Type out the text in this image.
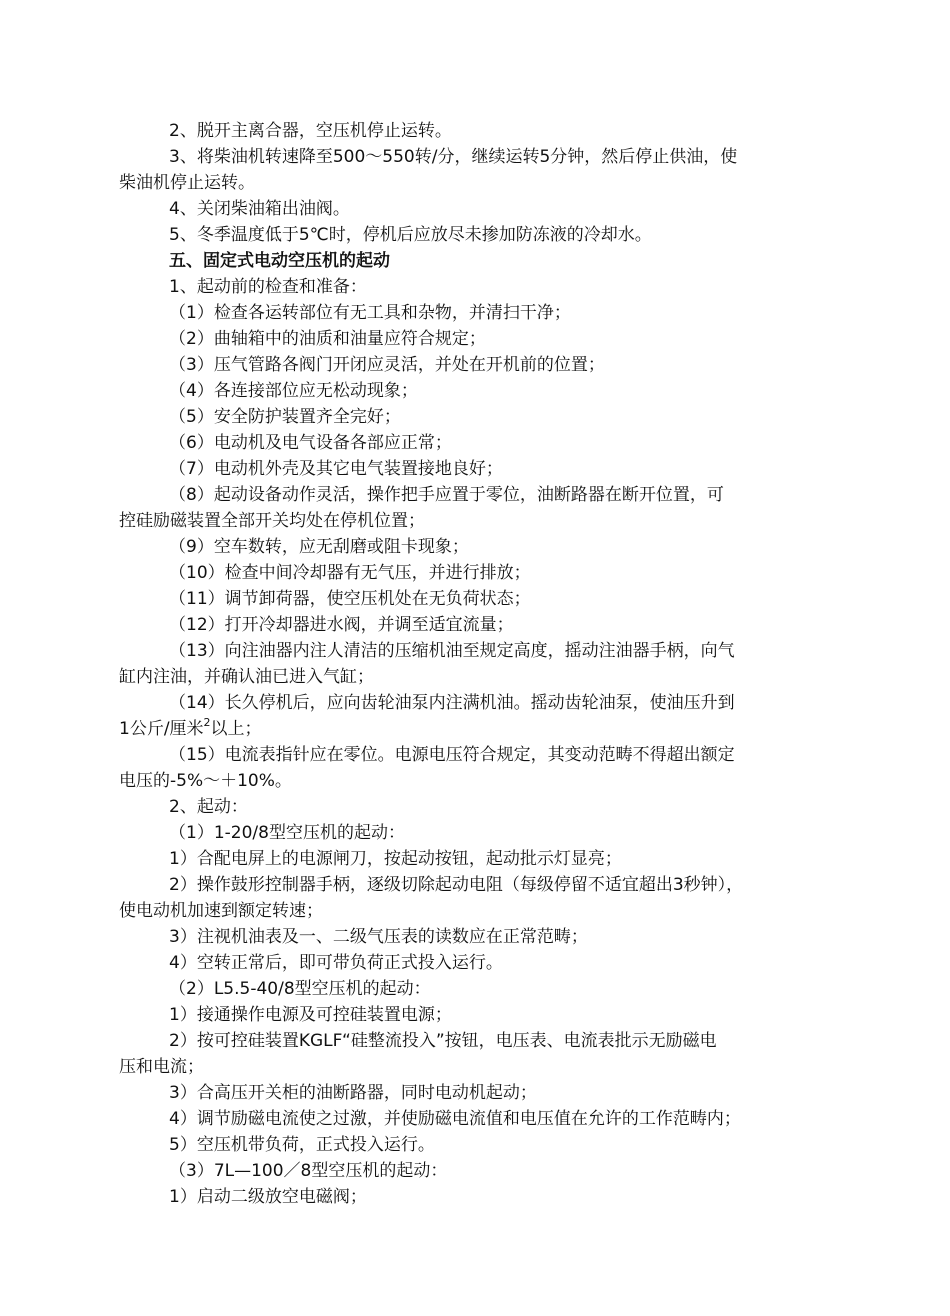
2、脱开主离合器，空压机停止运转。
3、将柴油机转速降至500～550转/分，继续运转5分钟，然后停止供油，使
柴油机停止运转。
4、关闭柴油箱出油阀。
5、冬季温度低于5℃时，停机后应放尽未掺加防冻液的冷却水。
五、固定式电动空压机的起动
1、起动前的检查和准备：
（1）检查各运转部位有无工具和杂物，并清扫干净；
（2）曲轴箱中的油质和油量应符合规定；
（3）压气管路各阀门开闭应灵活，并处在开机前的位置；
（4）各连接部位应无松动现象；
（5）安全防护装置齐全完好；
（6）电动机及电气设备各部应正常；
（7）电动机外壳及其它电气装置接地良好；
（8）起动设备动作灵活，操作把手应置于零位，油断路器在断开位置，可
控硅励磁装置全部开关均处在停机位置；
（9）空车数转，应无刮磨或阻卡现象；
（10）检查中间冷却器有无气压，并进行排放；
（11）调节卸荷器，使空压机处在无负荷状态；
（12）打开冷却器进水阀，并调至适宜流量；
（13）向注油器内注人清洁的压缩机油至规定高度，摇动注油器手柄，向气
缸内注油，并确认油已进入气缸；
（14）长久停机后，应向齿轮油泵内注满机油。摇动齿轮油泵，使油压升到
1公斤/厘米$^2$以上；
（15）电流表指针应在零位。电源电压符合规定，其变动范畴不得超出额定
电压的-5%～＋10%。
2、起动：
（1）1-20/8型空压机的起动：
1）合配电屏上的电源闸刀，按起动按钮，起动批示灯显亮；
2）操作鼓形控制器手柄，逐级切除起动电阻（每级停留不适宜超出3秒钟），
使电动机加速到额定转速；
3）注视机油表及一、二级气压表的读数应在正常范畴；
4）空转正常后，即可带负荷正式投入运行。
（2）L5.5-40/8型空压机的起动：
1）接通操作电源及可控硅装置电源；
2）按可控硅装置KGLF“硅整流投入”按钮，电压表、电流表批示无励磁电
压和电流；
3）合高压开关柜的油断路器，同时电动机起动；
4）调节励磁电流使之过激，并使励磁电流值和电压值在允许的工作范畴内；
5）空压机带负荷，正式投入运行。
（3）7L—100／8型空压机的起动：
1）启动二级放空电磁阀；
